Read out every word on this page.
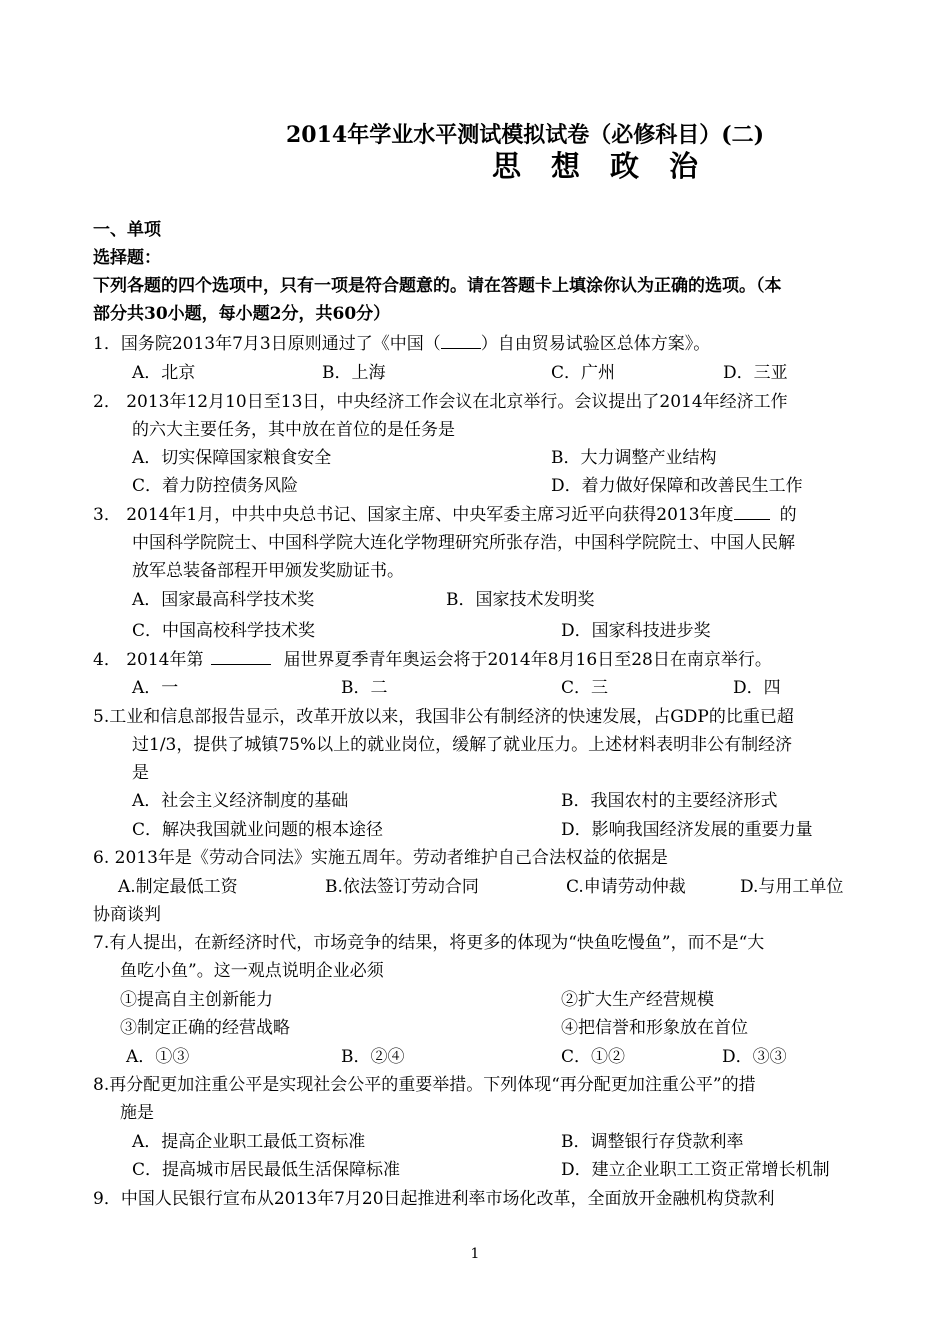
2014年学业水平测试模拟试卷（必修科目）(二)
思想政治
一、单项
选择题：
下列各题的四个选项中，只有一项是符合题意的。请在答题卡上填涂你认为正确的选项。（本
部分共30小题，每小题2分，共60分）
1．国务院2013年7月3日原则通过了《中国（ ）自由贸易试验区总体方案》。
A．北京	B．上海	C．广州	D．三亚
2． 2013年12月10日至13日，中央经济工作会议在北京举行。会议提出了2014年经济工作
的六大主要任务，其中放在首位的是任务是
A．切实保障国家粮食安全	B．大力调整产业结构
C．着力防控债务风险	D．着力做好保障和改善民生工作
3． 2014年1月，中共中央总书记、国家主席、中央军委主席习近平向获得2013年度	的
中国科学院院士、中国科学院大连化学物理研究所张存浩，中国科学院院士、中国人民解
放军总装备部程开甲颁发奖励证书。
A．国家最高科学技术奖	B．国家技术发明奖
C．中国高校科学技术奖	D．国家科技进步奖
4． 2014年第	届世界夏季青年奥运会将于2014年8月16日至28日在南京举行。
A．一	B．二	C．三	D．四
5.工业和信息部报告显示，改革开放以来，我国非公有制经济的快速发展，占GDP的比重已超
过1/3，提供了城镇75%以上的就业岗位，缓解了就业压力。上述材料表明非公有制经济
是
A．社会主义经济制度的基础	B．我国农村的主要经济形式
C．解决我国就业问题的根本途径	D．影响我国经济发展的重要力量
6. 2013年是《劳动合同法》实施五周年。劳动者维护自己合法权益的依据是
A.制定最低工资	B.依法签订劳动合同	C.申请劳动仲裁	D.与用工单位
协商谈判
7.有人提出，在新经济时代，市场竞争的结果，将更多的体现为“快鱼吃慢鱼”，而不是“大
鱼吃小鱼”。这一观点说明企业必须
①提高自主创新能力	②扩大生产经营规模
③制定正确的经营战略	④把信誉和形象放在首位
A．①③	B．②④	C．①②	D．③③
8.再分配更加注重公平是实现社会公平的重要举措。下列体现“再分配更加注重公平”的措
施是
A．提高企业职工最低工资标准	B．调整银行存贷款利率
C．提高城市居民最低生活保障标准	D．建立企业职工工资正常增长机制
9．中国人民银行宣布从2013年7月20日起推进利率市场化改革，全面放开金融机构贷款利
1
